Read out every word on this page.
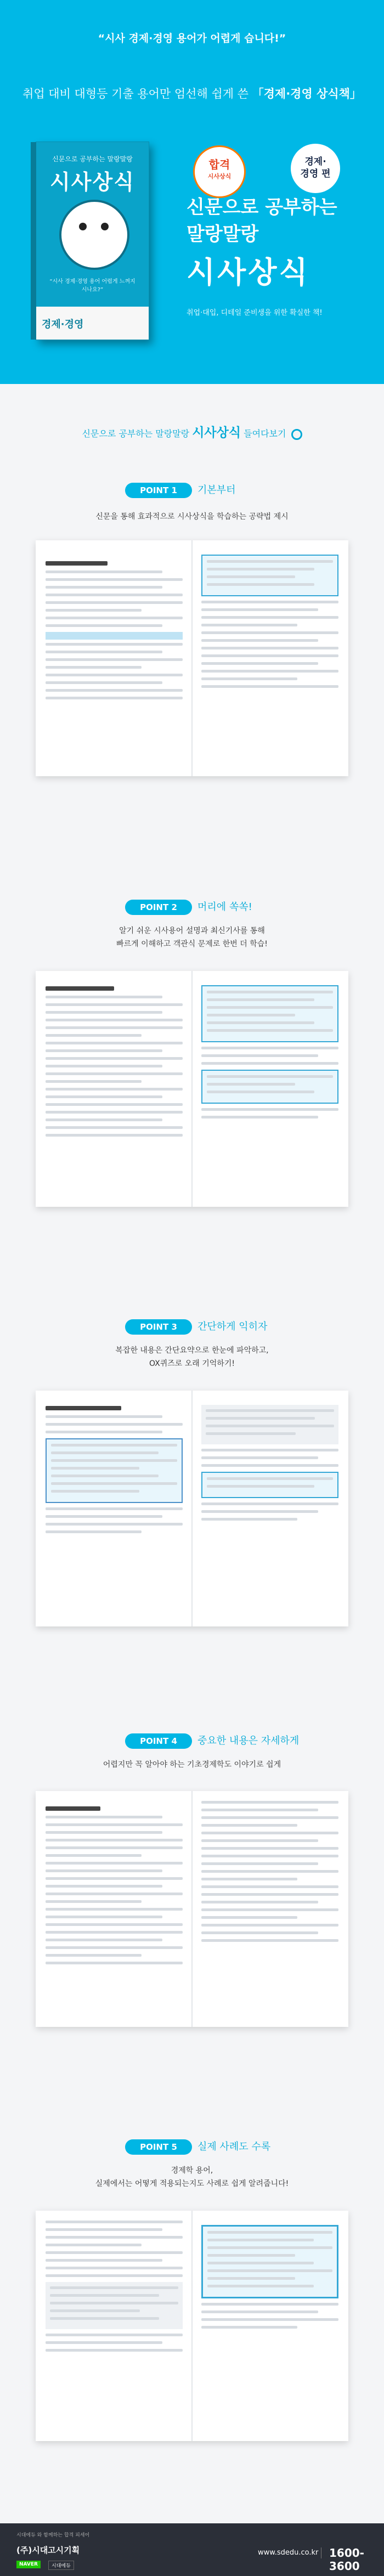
“시사 경제·경영 용어가 어렵게 습니다!”
취업 대비 대형등 기출 용어만 엄선해 쉽게 쓴 「경제·경영 상식책」
신문으로 공부하는 말랑말랑
시사상식
“시사 경제·경영 용어 어렵게 느껴지시나요?”
경제·경영
합격
시사상식
경제·
경영 편
신문으로 공부하는
말랑말랑
시사상식
취업·대입, 디테일 준비생을 위한 확실한 책!
신문으로 공부하는 말랑말랑 시사상식 들여다보기
POINT 1	기본부터
신문을 통해 효과적으로 시사상식을 학습하는 공략법 제시
POINT 2	머리에 쏙쏙!
알기 쉬운 시사용어 설명과 최신기사를 통해
빠르게 이해하고 객관식 문제로 한번 더 학습!
POINT 3	간단하게 익히자
복잡한 내용은 간단요약으로 한눈에 파악하고,
OX퀴즈로 오래 기억하기!
POINT 4	중요한 내용은 자세하게
어렵지만 꼭 알아야 하는 기초경제학도 이야기로 쉽게
POINT 5	실제 사례도 수록
경제학 용어,
실제에서는 어떻게 적용되는지도 사례로 쉽게 알려줍니다!
시대에듀 와 함께하는 합격 피세어
(주)시대고시기획
NAVER	시대에듀
www.sdedu.co.kr 1600-3600
